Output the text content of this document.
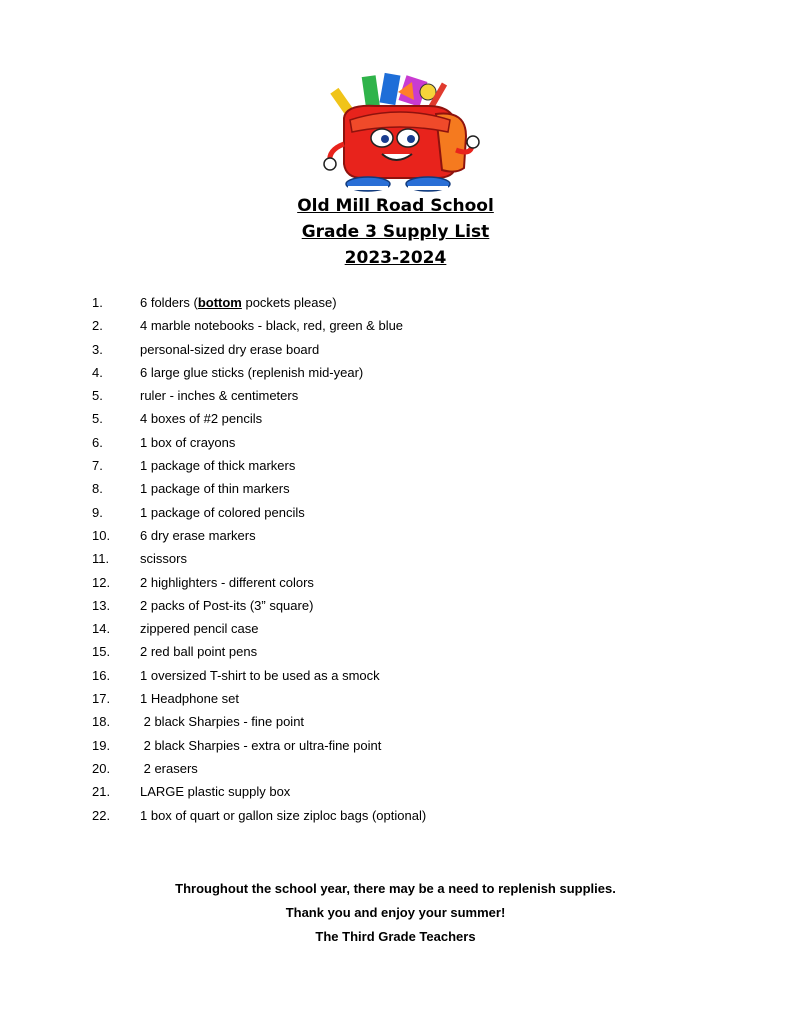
Old Mill Road School
Grade 3 Supply List
2023-2024
1.	6 folders (bottom pockets please)
2.	4 marble notebooks - black, red, green & blue
3.	personal-sized dry erase board
4.	6 large glue sticks (replenish mid-year)
5.	ruler - inches & centimeters
5.	4 boxes of #2 pencils
6.	1 box of crayons
7.	1 package of thick markers
8.	1 package of thin markers
9.	1 package of colored pencils
10. 6 dry erase markers
11. scissors
12. 2 highlighters - different colors
13. 2 packs of Post-its (3” square)
14. zippered pencil case
15. 2 red ball point pens
16. 1 oversized T-shirt to be used as a smock
17. 1 Headphone set
18. 2 black Sharpies - fine point
19. 2 black Sharpies - extra or ultra-fine point
20. 2 erasers
21. LARGE plastic supply box
22. 1 box of quart or gallon size ziploc bags (optional)
Throughout the school year, there may be a need to replenish supplies.
Thank you and enjoy your summer!
The Third Grade Teachers
